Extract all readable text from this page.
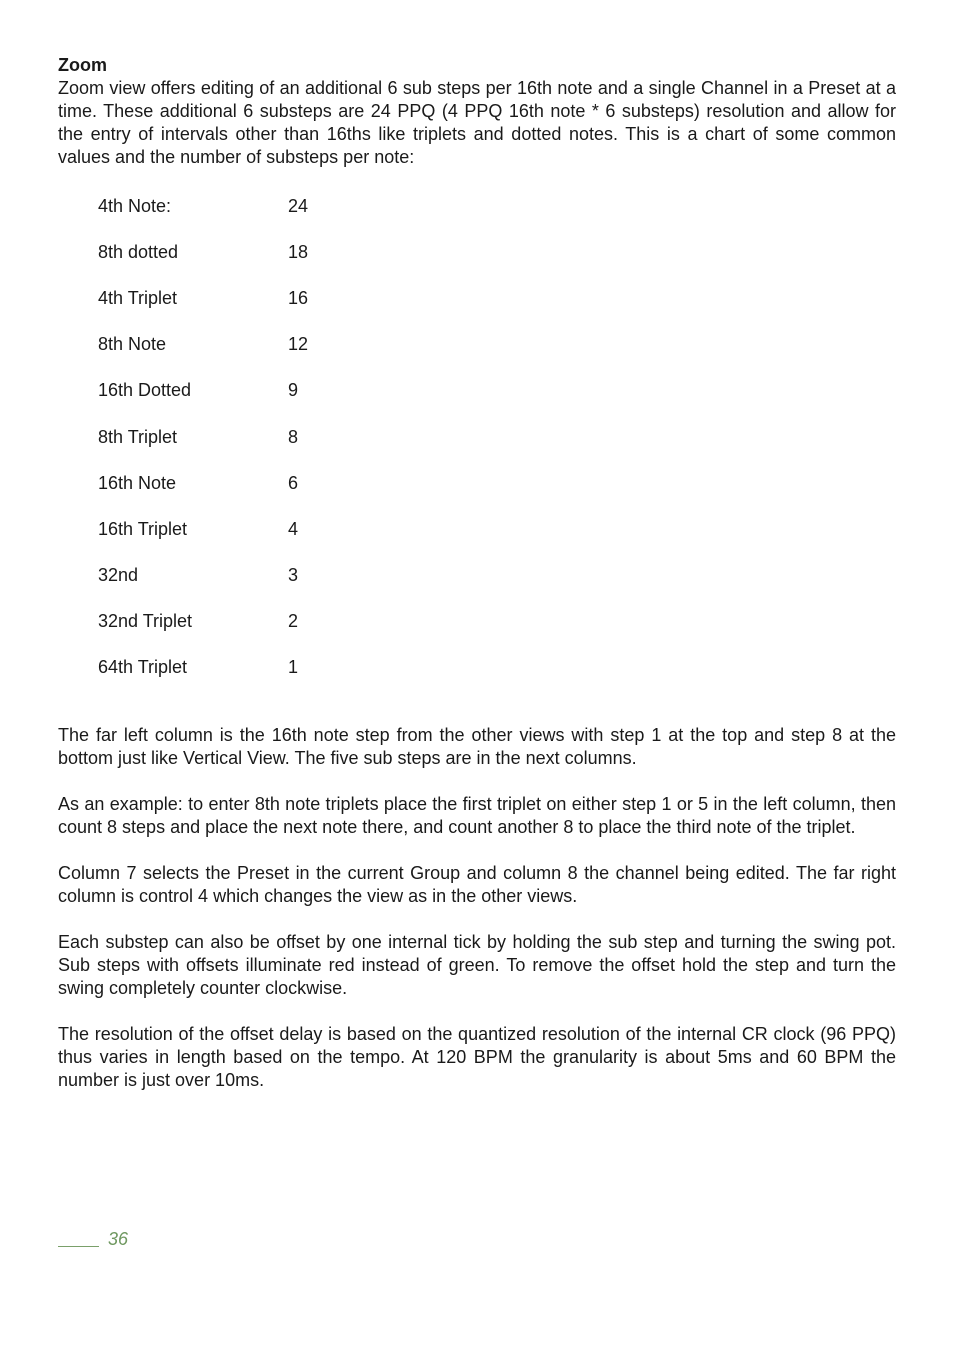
Zoom

Zoom view offers editing of an additional 6 sub steps per 16th note and a single Channel in a Preset at a time. These additional 6 substeps are 24 PPQ (4 PPQ 16th note * 6 substeps) resolution and allow for the entry of intervals other than 16ths like triplets and dotted notes. This is a chart of some common values and the number of substeps per note:

4th Note:	24
8th dotted	18
4th Triplet	16
8th Note	12
16th Dotted	9
8th Triplet	8
16th Note	6
16th Triplet	4
32nd	3
32nd Triplet	2
64th Triplet	1

The far left column is the 16th note step from the other views with step 1 at the top and step 8 at the bottom just like Vertical View. The five sub steps are in the next columns.

As an example: to enter 8th note triplets place the first triplet on either step 1 or 5 in the left column, then count 8 steps and place the next note there, and count another 8 to place the third note of the triplet.

Column 7 selects the Preset in the current Group and column 8 the channel being edited. The far right column is control 4 which changes the view as in the other views.

Each substep can also be offset by one internal tick by holding the sub step and turning the swing pot. Sub steps with offsets illuminate red instead of green. To remove the offset hold the step and turn the swing completely counter clockwise.

The resolution of the offset delay is based on the quantized resolution of the internal CR clock (96 PPQ) thus varies in length based on the tempo. At 120 BPM the granularity is about 5ms and 60 BPM the number is just over 10ms.

36
